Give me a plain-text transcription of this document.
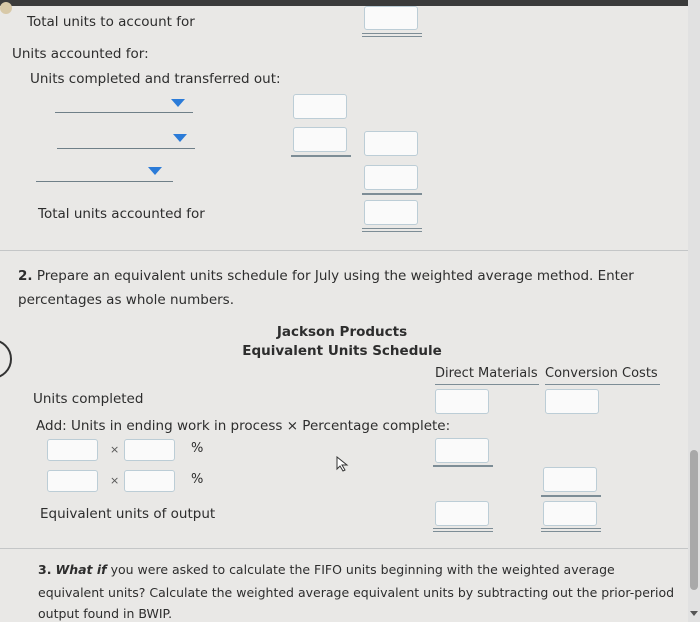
Total units to account for
Units accounted for:
Units completed and transferred out:
Total units accounted for
2. Prepare an equivalent units schedule for July using the weighted average method. Enter
percentages as whole numbers.
Jackson Products
Equivalent Units Schedule
Direct Materials Conversion Costs
Units completed
Add: Units in ending work in process × Percentage complete:
×	%
×	%
Equivalent units of output
3. What if you were asked to calculate the FIFO units beginning with the weighted average
equivalent units? Calculate the weighted average equivalent units by subtracting out the prior-period
output found in BWIP.
